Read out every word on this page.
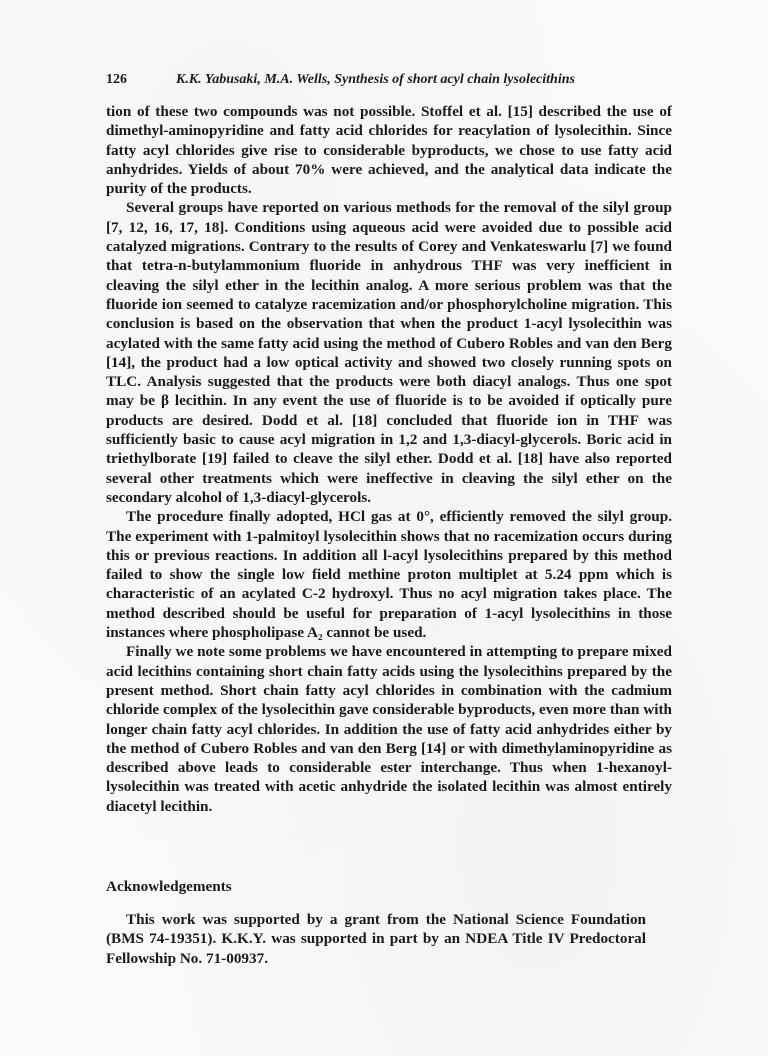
126	K.K. Yabusaki, M.A. Wells, Synthesis of short acyl chain lysolecithins

tion of these two compounds was not possible. Stoffel et al. [15] described the use of dimethyl-aminopyridine and fatty acid chlorides for reacylation of lysolecithin. Since fatty acyl chlorides give rise to considerable byproducts, we chose to use fatty acid anhydrides. Yields of about 70% were achieved, and the analytical data indicate the purity of the products.

Several groups have reported on various methods for the removal of the silyl group [7, 12, 16, 17, 18]. Conditions using aqueous acid were avoided due to possible acid catalyzed migrations. Contrary to the results of Corey and Venkateswarlu [7] we found that tetra-n-butylammonium fluoride in anhydrous THF was very inefficient in cleaving the silyl ether in the lecithin analog. A more serious problem was that the fluoride ion seemed to catalyze racemization and/or phosphorylcholine migration. This conclusion is based on the observation that when the product 1-acyl lysolecithin was acylated with the same fatty acid using the method of Cubero Robles and van den Berg [14], the product had a low optical activity and showed two closely running spots on TLC. Analysis suggested that the products were both diacyl analogs. Thus one spot may be β lecithin. In any event the use of fluoride is to be avoided if optically pure products are desired. Dodd et al. [18] concluded that fluoride ion in THF was sufficiently basic to cause acyl migration in 1,2 and 1,3-diacyl-glycerols. Boric acid in triethylborate [19] failed to cleave the silyl ether. Dodd et al. [18] have also reported several other treatments which were ineffective in cleaving the silyl ether on the secondary alcohol of 1,3-diacyl-glycerols.

The procedure finally adopted, HCl gas at 0°, efficiently removed the silyl group. The experiment with 1-palmitoyl lysolecithin shows that no racemization occurs during this or previous reactions. In addition all l-acyl lysolecithins prepared by this method failed to show the single low field methine proton multiplet at 5.24 ppm which is characteristic of an acylated C-2 hydroxyl. Thus no acyl migration takes place. The method described should be useful for preparation of 1-acyl lysolecithins in those instances where phospholipase A₂ cannot be used.

Finally we note some problems we have encountered in attempting to prepare mixed acid lecithins containing short chain fatty acids using the lysolecithins prepared by the present method. Short chain fatty acyl chlorides in combination with the cadmium chloride complex of the lysolecithin gave considerable byproducts, even more than with longer chain fatty acyl chlorides. In addition the use of fatty acid anhydrides either by the method of Cubero Robles and van den Berg [14] or with dimethylaminopyridine as described above leads to considerable ester interchange. Thus when 1-hexanoyl-lysolecithin was treated with acetic anhydride the isolated lecithin was almost entirely diacetyl lecithin.

Acknowledgements

This work was supported by a grant from the National Science Foundation (BMS 74-19351). K.K.Y. was supported in part by an NDEA Title IV Predoctoral Fellowship No. 71-00937.
